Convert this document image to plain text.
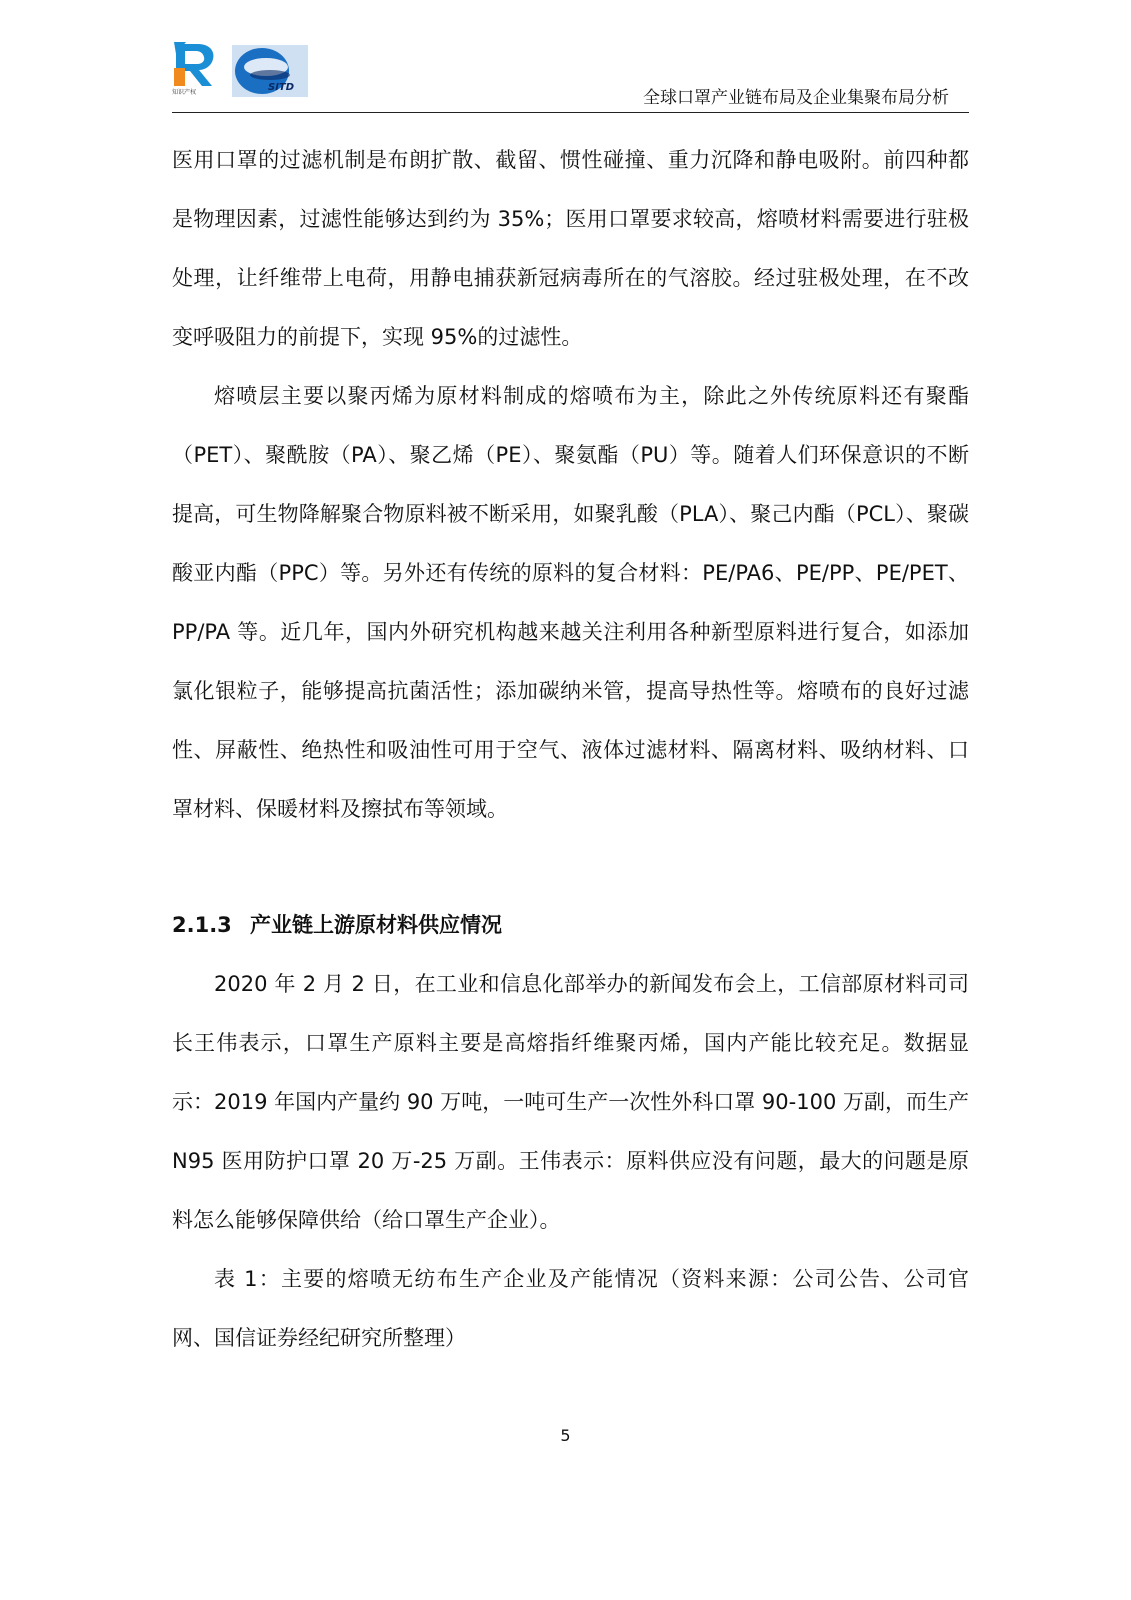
知识产权	SITD
全球口罩产业链布局及企业集聚布局分析

医用口罩的过滤机制是布朗扩散、截留、惯性碰撞、重力沉降和静电吸附。前四种都是物理因素，过滤性能够达到约为 35%；医用口罩要求较高，熔喷材料需要进行驻极处理，让纤维带上电荷，用静电捕获新冠病毒所在的气溶胶。经过驻极处理，在不改变呼吸阻力的前提下，实现 95%的过滤性。

熔喷层主要以聚丙烯为原材料制成的熔喷布为主，除此之外传统原料还有聚酯（PET）、聚酰胺（PA）、聚乙烯（PE）、聚氨酯（PU）等。随着人们环保意识的不断提高，可生物降解聚合物原料被不断采用，如聚乳酸（PLA）、聚己内酯（PCL）、聚碳酸亚内酯（PPC）等。另外还有传统的原料的复合材料：PE/PA6、PE/PP、PE/PET、PP/PA 等。近几年，国内外研究机构越来越关注利用各种新型原料进行复合，如添加氯化银粒子，能够提高抗菌活性；添加碳纳米管，提高导热性等。熔喷布的良好过滤性、屏蔽性、绝热性和吸油性可用于空气、液体过滤材料、隔离材料、吸纳材料、口罩材料、保暖材料及擦拭布等领域。

2.1.3 产业链上游原材料供应情况

2020 年 2 月 2 日，在工业和信息化部举办的新闻发布会上，工信部原材料司司长王伟表示，口罩生产原料主要是高熔指纤维聚丙烯，国内产能比较充足。数据显示：2019 年国内产量约 90 万吨，一吨可生产一次性外科口罩 90-100 万副，而生产 N95 医用防护口罩 20 万-25 万副。王伟表示：原料供应没有问题，最大的问题是原料怎么能够保障供给（给口罩生产企业）。

表 1：主要的熔喷无纺布生产企业及产能情况（资料来源：公司公告、公司官网、国信证券经纪研究所整理）

5
